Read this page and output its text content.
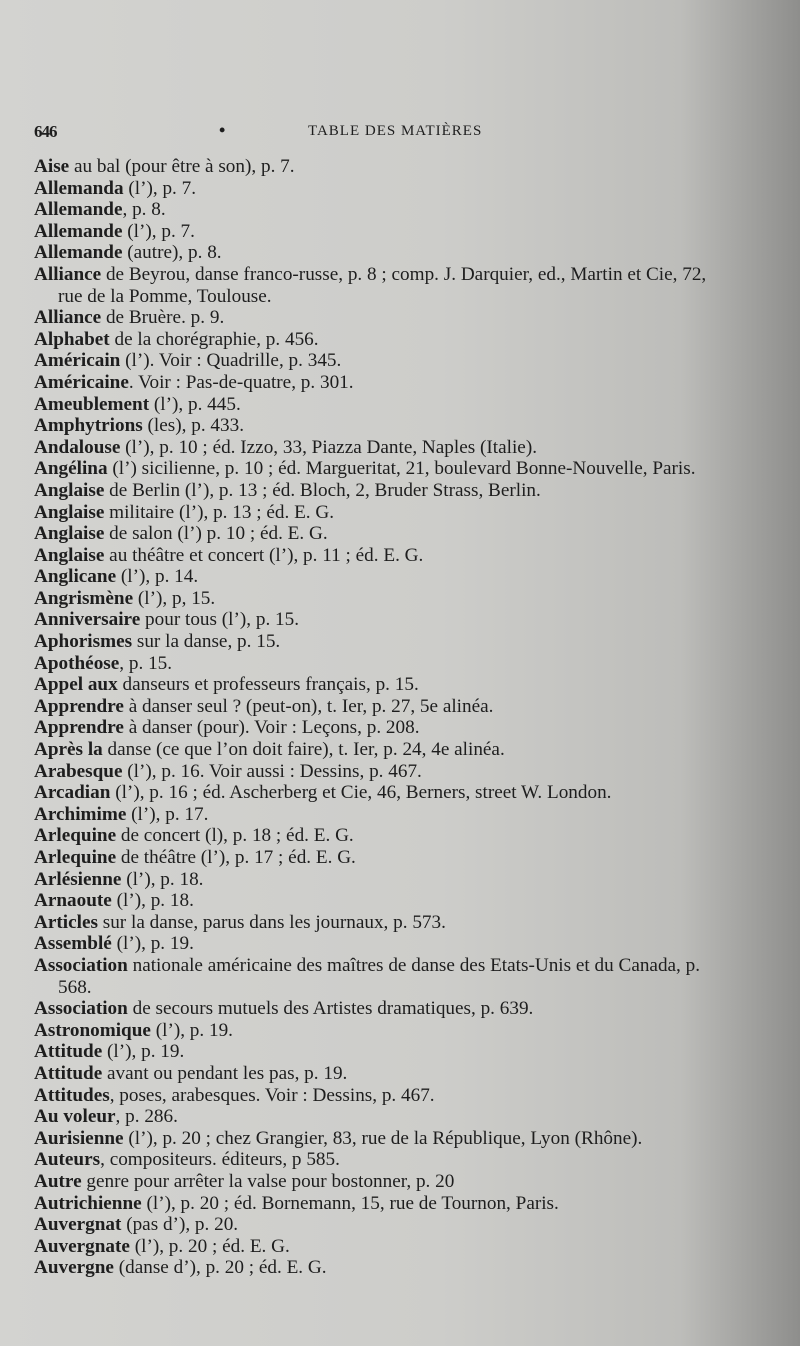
646	•	TABLE DES MATIÈRES
Aise au bal (pour être à son), p. 7.
Allemanda (l’), p. 7.
Allemande, p. 8.
Allemande (l’), p. 7.
Allemande (autre), p. 8.
Alliance de Beyrou, danse franco-russe, p. 8 ; comp. J. Darquier, ed., Martin et Cie, 72, rue de la Pomme, Toulouse.
Alliance de Bruère. p. 9.
Alphabet de la chorégraphie, p. 456.
Américain (l’). Voir : Quadrille, p. 345.
Américaine. Voir : Pas-de-quatre, p. 301.
Ameublement (l’), p. 445.
Amphytrions (les), p. 433.
Andalouse (l’), p. 10 ; éd. Izzo, 33, Piazza Dante, Naples (Italie).
Angélina (l’) sicilienne, p. 10 ; éd. Margueritat, 21, boulevard Bonne-Nouvelle, Paris.
Anglaise de Berlin (l’), p. 13 ; éd. Bloch, 2, Bruder Strass, Berlin.
Anglaise militaire (l’), p. 13 ; éd. E. G.
Anglaise de salon (l’) p. 10 ; éd. E. G.
Anglaise au théâtre et concert (l’), p. 11 ; éd. E. G.
Anglicane (l’), p. 14.
Angrismène (l’), p, 15.
Anniversaire pour tous (l’), p. 15.
Aphorismes sur la danse, p. 15.
Apothéose, p. 15.
Appel aux danseurs et professeurs français, p. 15.
Apprendre à danser seul ? (peut-on), t. Ier, p. 27, 5e alinéa.
Apprendre à danser (pour). Voir : Leçons, p. 208.
Après la danse (ce que l’on doit faire), t. Ier, p. 24, 4e alinéa.
Arabesque (l’), p. 16. Voir aussi : Dessins, p. 467.
Arcadian (l’), p. 16 ; éd. Ascherberg et Cie, 46, Berners, street W. London.
Archimime (l’), p. 17.
Arlequine de concert (l), p. 18 ; éd. E. G.
Arlequine de théâtre (l’), p. 17 ; éd. E. G.
Arlésienne (l’), p. 18.
Arnaoute (l’), p. 18.
Articles sur la danse, parus dans les journaux, p. 573.
Assemblé (l’), p. 19.
Association nationale américaine des maîtres de danse des Etats-Unis et du Canada, p. 568.
Association de secours mutuels des Artistes dramatiques, p. 639.
Astronomique (l’), p. 19.
Attitude (l’), p. 19.
Attitude avant ou pendant les pas, p. 19.
Attitudes, poses, arabesques. Voir : Dessins, p. 467.
Au voleur, p. 286.
Aurisienne (l’), p. 20 ; chez Grangier, 83, rue de la République, Lyon (Rhône).
Auteurs, compositeurs. éditeurs, p 585.
Autre genre pour arrêter la valse pour bostonner, p. 20
Autrichienne (l’), p. 20 ; éd. Bornemann, 15, rue de Tournon, Paris.
Auvergnat (pas d’), p. 20.
Auvergnate (l’), p. 20 ; éd. E. G.
Auvergne (danse d’), p. 20 ; éd. E. G.
